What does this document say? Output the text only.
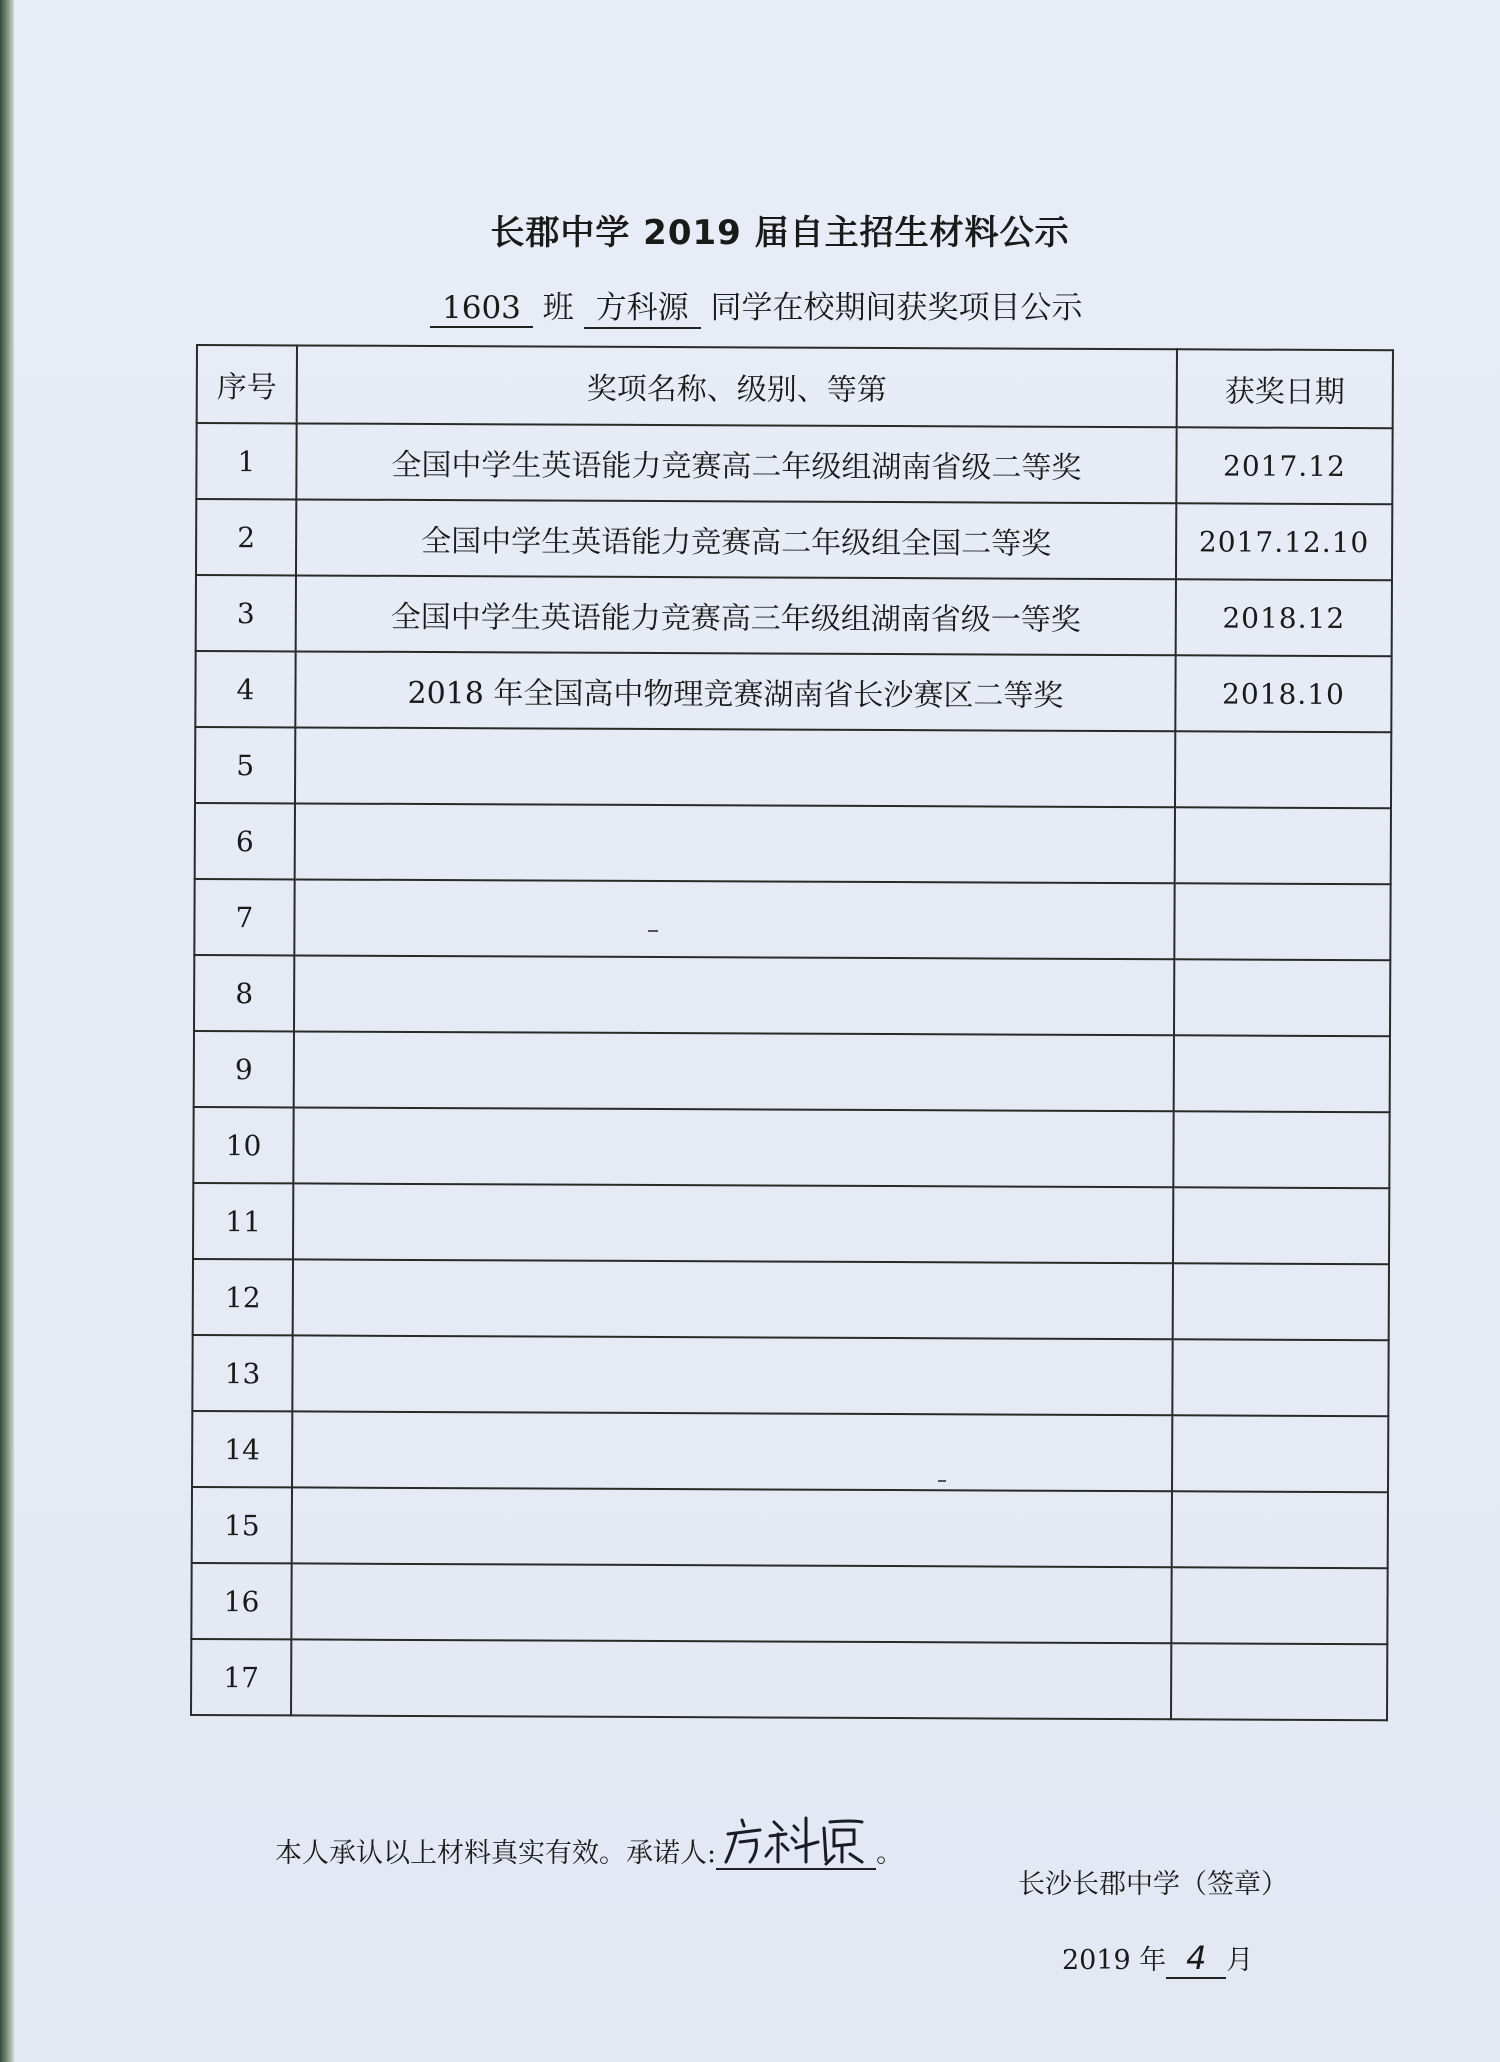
长郡中学 2019 届自主招生材料公示
1603 班 方科源 同学在校期间获奖项目公示
序号	奖项名称、级别、等第	获奖日期
1	全国中学生英语能力竞赛高二年级组湖南省级二等奖	2017.12
2	全国中学生英语能力竞赛高二年级组全国二等奖	2017.12.10
3	全国中学生英语能力竞赛高三年级组湖南省级一等奖	2018.12
4	2018 年全国高中物理竞赛湖南省长沙赛区二等奖	2018.10
5		
6		
7		
8		
9		
10		
11		
12		
13		
14		
15		
16		
17		
本人承认以上材料真实有效。承诺人:	。
长沙长郡中学（签章）
2019 年 4 月
